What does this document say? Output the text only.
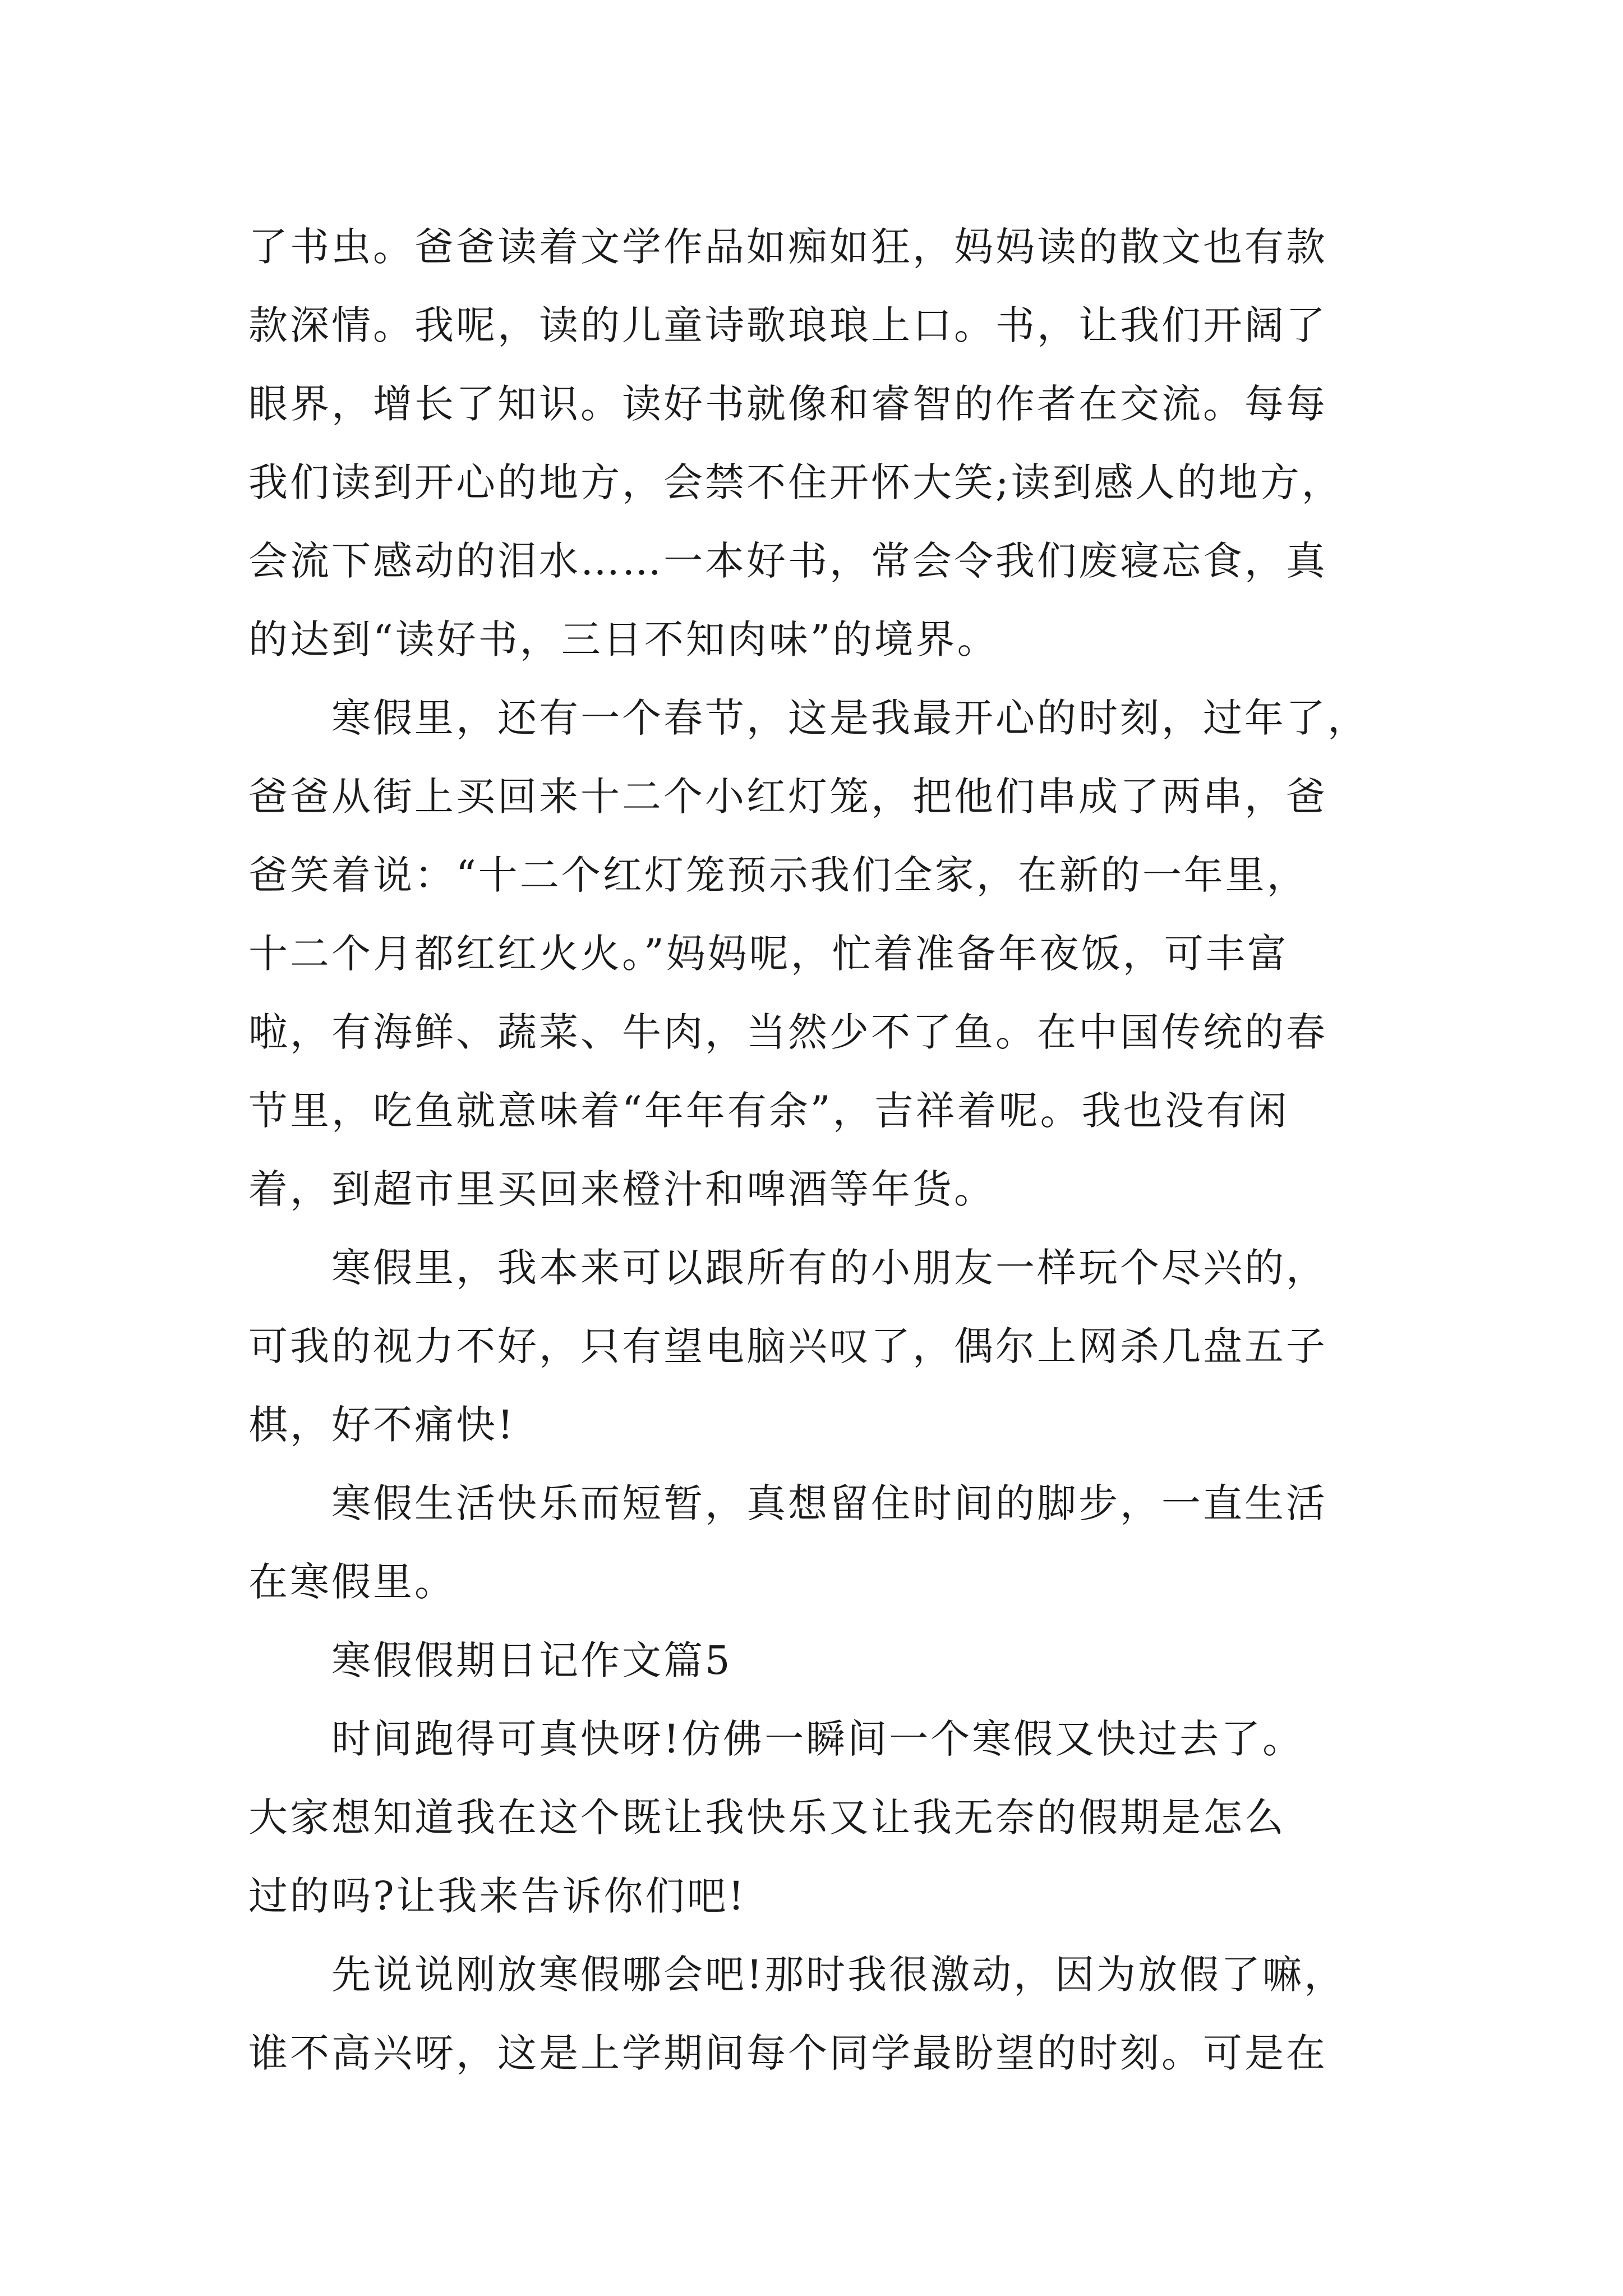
了书虫。爸爸读着文学作品如痴如狂，妈妈读的散文也有款
款深情。我呢，读的儿童诗歌琅琅上口。书，让我们开阔了
眼界，增长了知识。读好书就像和睿智的作者在交流。每每
我们读到开心的地方，会禁不住开怀大笑;读到感人的地方，
会流下感动的泪水……一本好书，常会令我们废寝忘食，真
的达到“读好书，三日不知肉味”的境界。
寒假里，还有一个春节，这是我最开心的时刻，过年了，
爸爸从街上买回来十二个小红灯笼，把他们串成了两串，爸
爸笑着说：“十二个红灯笼预示我们全家，在新的一年里，
十二个月都红红火火。”妈妈呢，忙着准备年夜饭，可丰富
啦，有海鲜、蔬菜、牛肉，当然少不了鱼。在中国传统的春
节里，吃鱼就意味着“年年有余”，吉祥着呢。我也没有闲
着，到超市里买回来橙汁和啤酒等年货。
寒假里，我本来可以跟所有的小朋友一样玩个尽兴的，
可我的视力不好，只有望电脑兴叹了，偶尔上网杀几盘五子
棋，好不痛快!
寒假生活快乐而短暂，真想留住时间的脚步，一直生活
在寒假里。
寒假假期日记作文篇5
时间跑得可真快呀!仿佛一瞬间一个寒假又快过去了。
大家想知道我在这个既让我快乐又让我无奈的假期是怎么
过的吗?让我来告诉你们吧!
先说说刚放寒假哪会吧!那时我很激动，因为放假了嘛，
谁不高兴呀，这是上学期间每个同学最盼望的时刻。可是在
